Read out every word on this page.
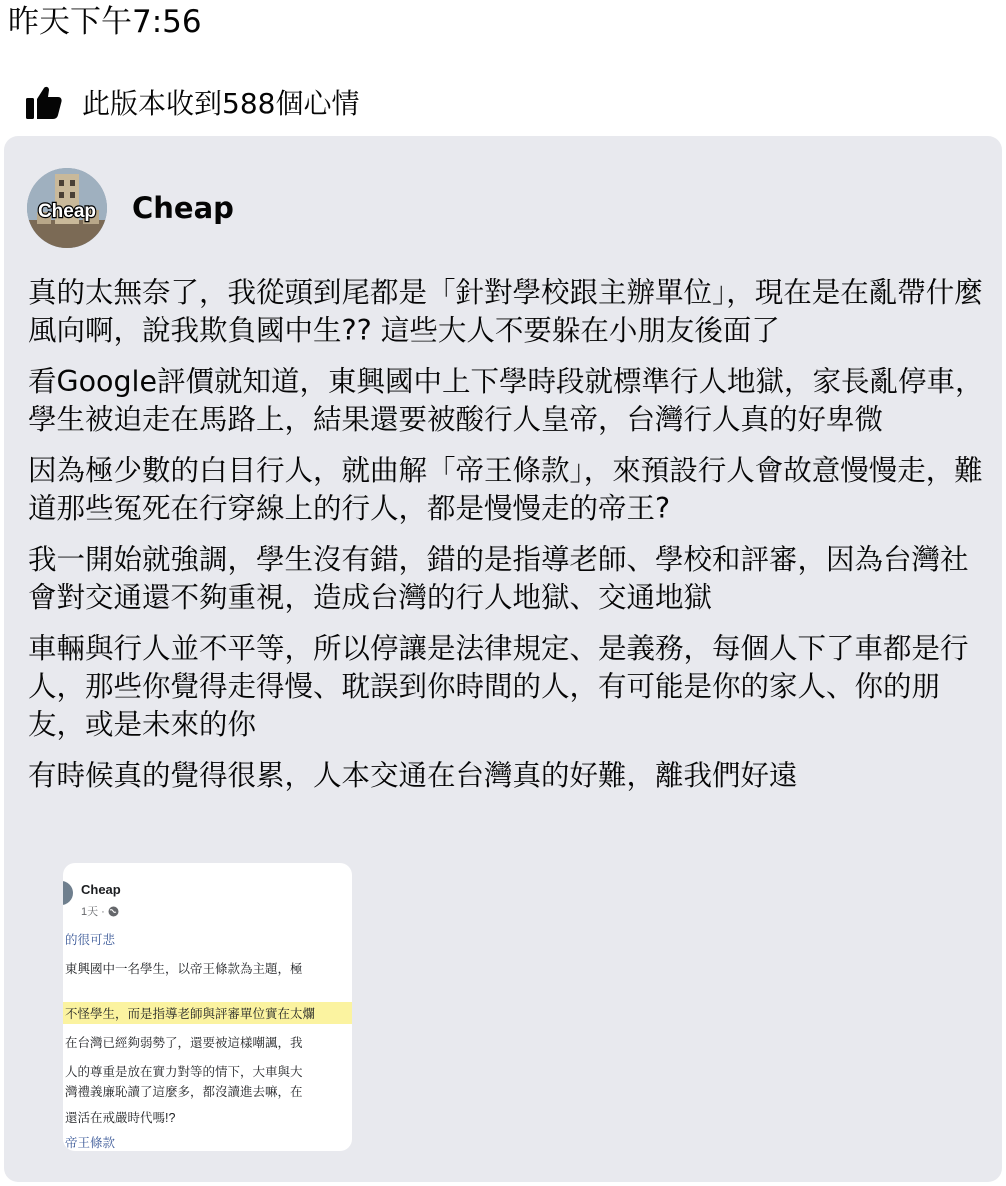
昨天下午7:56
此版本收到588個心情
Cheap Cheap

真的太無奈了，我從頭到尾都是「針對學校跟主辦單位」，現在是在亂帶什麼風向啊，說我欺負國中生?? 這些大人不要躲在小朋友後面了

看Google評價就知道，東興國中上下學時段就標準行人地獄，家長亂停車，學生被迫走在馬路上，結果還要被酸行人皇帝，台灣行人真的好卑微

因為極少數的白目行人，就曲解「帝王條款」，來預設行人會故意慢慢走，難道那些冤死在行穿線上的行人，都是慢慢走的帝王?

我一開始就強調，學生沒有錯，錯的是指導老師、學校和評審，因為台灣社會對交通還不夠重視，造成台灣的行人地獄、交通地獄

車輛與行人並不平等，所以停讓是法律規定、是義務，每個人下了車都是行人，那些你覺得走得慢、耽誤到你時間的人，有可能是你的家人、你的朋友，或是未來的你

有時候真的覺得很累，人本交通在台灣真的好難，離我們好遠

Cheap
1天 ·
的很可悲
東興國中一名學生，以帝王條款為主題，極
不怪學生，而是指導老師與評審單位實在太爛
在台灣已經夠弱勢了，還要被這樣嘲諷，我
人的尊重是放在實力對等的情下，大車與大
灣禮義廉恥讀了這麼多，都沒讀進去嘛，在
還活在戒嚴時代嗎!?
帝王條款
